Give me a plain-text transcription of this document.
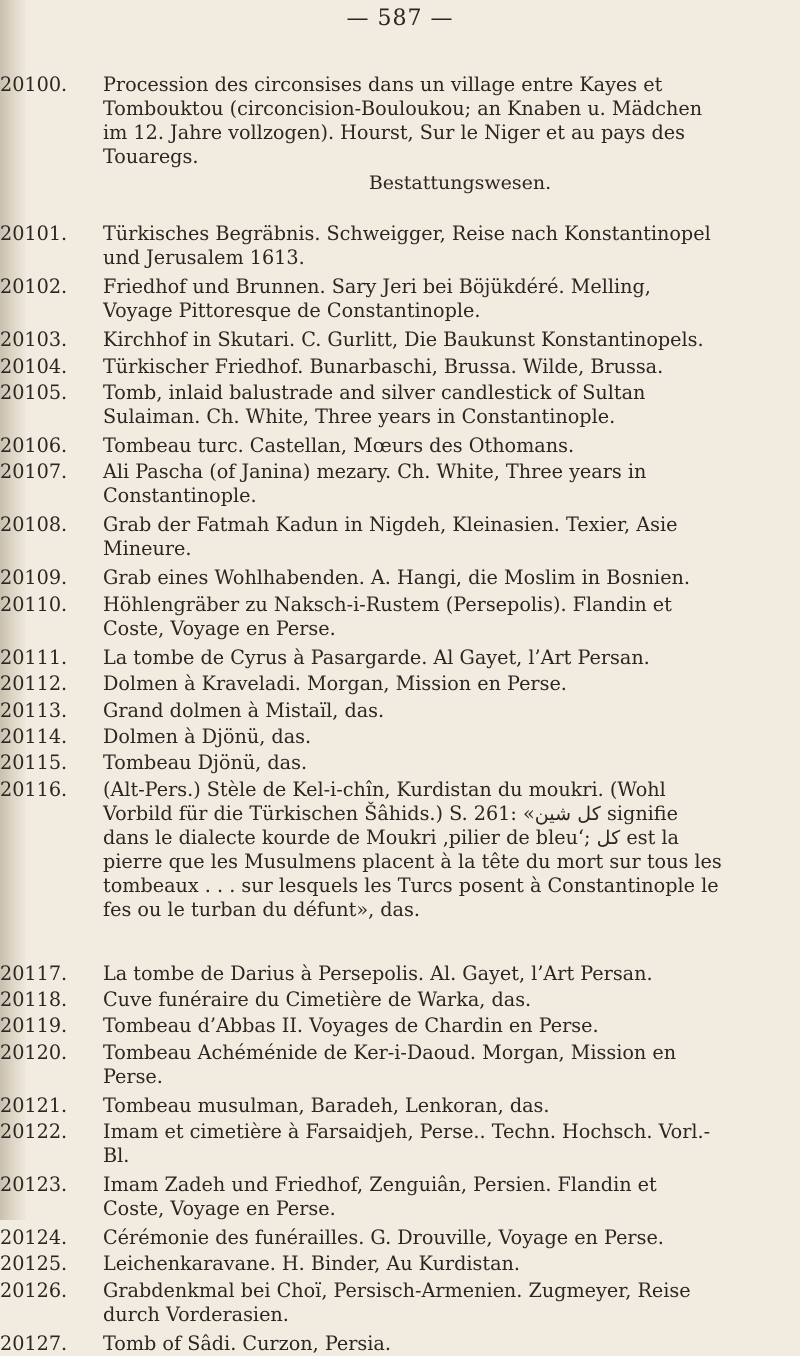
— 587 —
20100.	Procession des circonsises dans un village entre Kayes et Tombouktou (circoncision-Bouloukou; an Knaben u. Mädchen im 12. Jahre vollzogen). Hourst, Sur le Niger et au pays des Touaregs.
Bestattungswesen.
20101.	Türkisches Begräbnis. Schweigger, Reise nach Konstantinopel und Jerusalem 1613.
20102.	Friedhof und Brunnen. Sary Jeri bei Böjükdéré. Melling, Voyage Pittoresque de Constantinople.
20103.	Kirchhof in Skutari. C. Gurlitt, Die Baukunst Konstantinopels.
20104.	Türkischer Friedhof. Bunarbaschi, Brussa. Wilde, Brussa.
20105.	Tomb, inlaid balustrade and silver candlestick of Sultan Sulaiman. Ch. White, Three years in Constantinople.
20106.	Tombeau turc. Castellan, Mœurs des Othomans.
20107.	Ali Pascha (of Janina) mezary. Ch. White, Three years in Constantinople.
20108.	Grab der Fatmah Kadun in Nigdeh, Kleinasien. Texier, Asie Mineure.
20109.	Grab eines Wohlhabenden. A. Hangi, die Moslim in Bosnien.
20110.	Höhlengräber zu Naksch-i-Rustem (Persepolis). Flandin et Coste, Voyage en Perse.
20111.	La tombe de Cyrus à Pasargarde. Al Gayet, l’Art Persan.
20112.	Dolmen à Kraveladi. Morgan, Mission en Perse.
20113.	Grand dolmen à Mistaïl, das.
20114.	Dolmen à Djönü, das.
20115.	Tombeau Djönü, das.
20116.	(Alt-Pers.) Stèle de Kel-i-chîn, Kurdistan du moukri. (Wohl Vorbild für die Türkischen Šâhids.) S. 261: «کل شین signifie dans le dialecte kourde de Moukri ‚pilier de bleu‘; کل est la pierre que les Musulmens placent à la tête du mort sur tous les tombeaux . . . sur lesquels les Turcs posent à Constantinople le fes ou le turban du défunt», das.
20117.	La tombe de Darius à Persepolis. Al. Gayet, l’Art Persan.
20118.	Cuve funéraire du Cimetière de Warka, das.
20119.	Tombeau d’Abbas II. Voyages de Chardin en Perse.
20120.	Tombeau Achéménide de Ker-i-Daoud. Morgan, Mission en Perse.
20121.	Tombeau musulman, Baradeh, Lenkoran, das.
20122.	Imam et cimetière à Farsaidjeh, Perse.. Techn. Hochsch. Vorl.-Bl.
20123.	Imam Zadeh und Friedhof, Zenguiân, Persien. Flandin et Coste, Voyage en Perse.
20124.	Cérémonie des funérailles. G. Drouville, Voyage en Perse.
20125.	Leichenkaravane. H. Binder, Au Kurdistan.
20126.	Grabdenkmal bei Choï, Persisch-Armenien. Zugmeyer, Reise durch Vorderasien.
20127.	Tomb of Sâdi. Curzon, Persia.
